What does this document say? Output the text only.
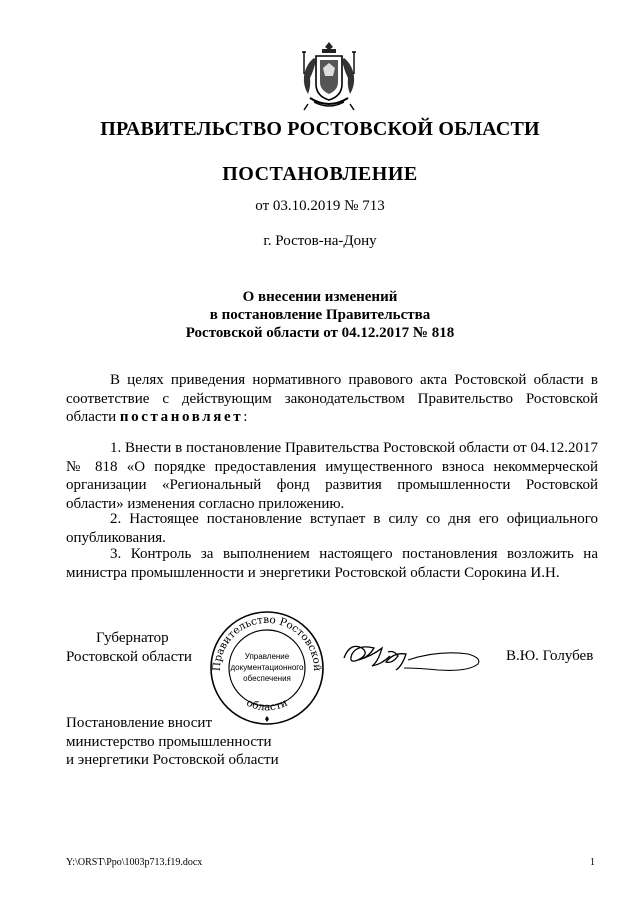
ПРАВИТЕЛЬСТВО РОСТОВСКОЙ ОБЛАСТИ
ПОСТАНОВЛЕНИЕ
от 03.10.2019 № 713
г. Ростов-на-Дону
О внесении изменений
в постановление Правительства
Ростовской области от 04.12.2017 № 818
В целях приведения нормативного правового акта Ростовской области в соответствие с действующим законодательством Правительство Ростовской области постановляет:
1. Внести в постановление Правительства Ростовской области от 04.12.2017 № 818 «О порядке предоставления имущественного взноса некоммерческой организации «Региональный фонд развития промышленности Ростовской области» изменения согласно приложению.
2. Настоящее постановление вступает в силу со дня его официального опубликования.
3. Контроль за выполнением настоящего постановления возложить на министра промышленности и энергетики Ростовской области Сорокина И.Н.
Губернатор
Ростовской области
Правительство Ростовской
области
Управление
документационного
обеспечения
В.Ю. Голубев
Постановление вносит
министерство промышленности
и энергетики Ростовской области
Y:\ORST\Ppo\1003p713.f19.docx	1
